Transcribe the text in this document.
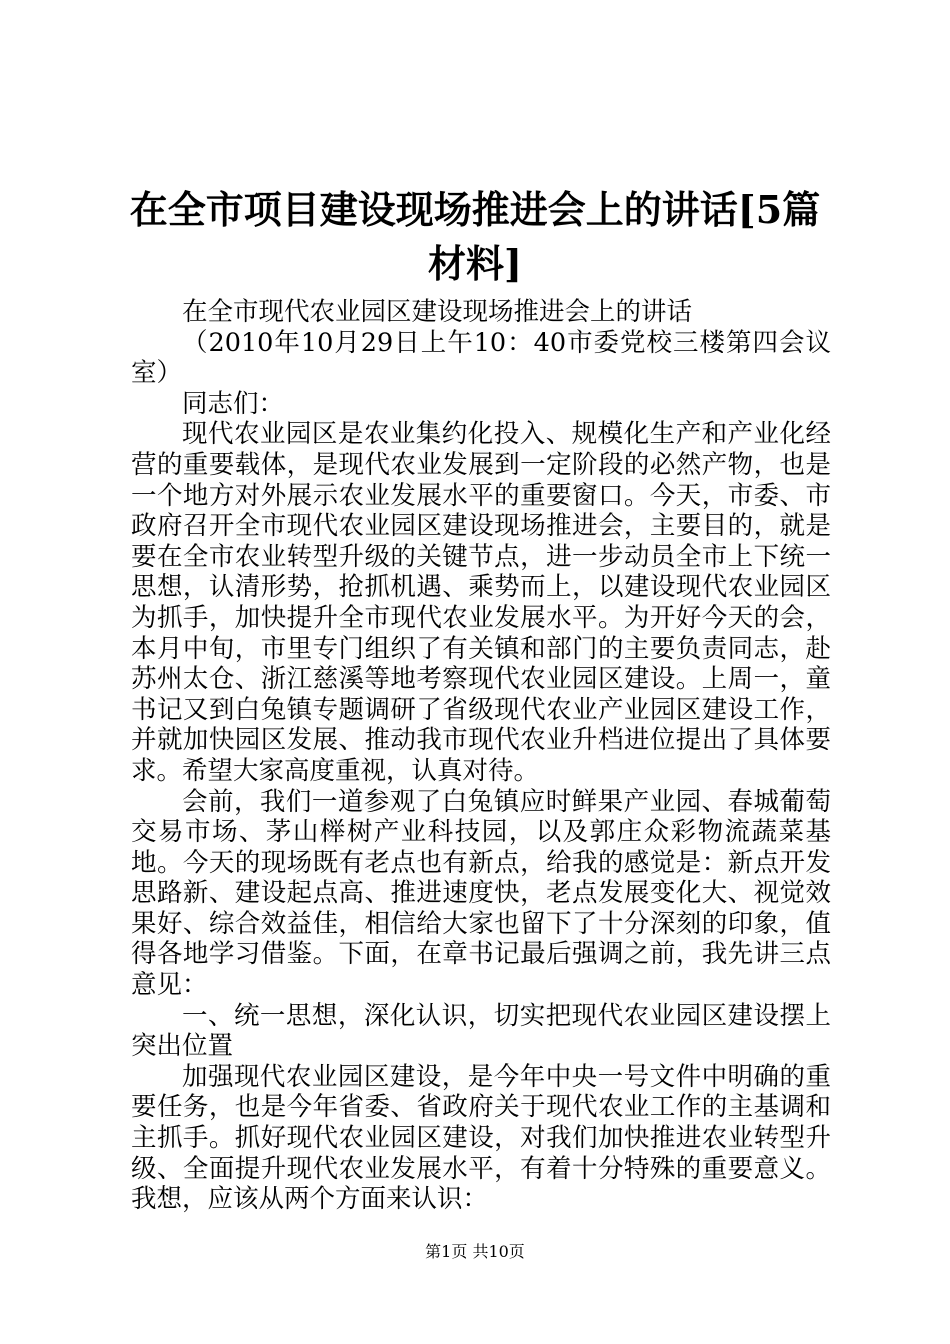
在全市项目建设现场推进会上的讲话[5篇材料]

在全市现代农业园区建设现场推进会上的讲话

（2010年10月29日上午10：40市委党校三楼第四会议室）

同志们：

现代农业园区是农业集约化投入、规模化生产和产业化经营的重要载体，是现代农业发展到一定阶段的必然产物，也是一个地方对外展示农业发展水平的重要窗口。今天，市委、市政府召开全市现代农业园区建设现场推进会，主要目的，就是要在全市农业转型升级的关键节点，进一步动员全市上下统一思想，认清形势，抢抓机遇、乘势而上，以建设现代农业园区为抓手，加快提升全市现代农业发展水平。为开好今天的会，本月中旬，市里专门组织了有关镇和部门的主要负责同志，赴苏州太仓、浙江慈溪等地考察现代农业园区建设。上周一，童书记又到白兔镇专题调研了省级现代农业产业园区建设工作，并就加快园区发展、推动我市现代农业升档进位提出了具体要求。希望大家高度重视，认真对待。

会前，我们一道参观了白兔镇应时鲜果产业园、春城葡萄交易市场、茅山榉树产业科技园，以及郭庄众彩物流蔬菜基地。今天的现场既有老点也有新点，给我的感觉是：新点开发思路新、建设起点高、推进速度快，老点发展变化大、视觉效果好、综合效益佳，相信给大家也留下了十分深刻的印象，值得各地学习借鉴。下面，在章书记最后强调之前，我先讲三点意见：

一、统一思想，深化认识，切实把现代农业园区建设摆上突出位置

加强现代农业园区建设，是今年中央一号文件中明确的重要任务，也是今年省委、省政府关于现代农业工作的主基调和主抓手。抓好现代农业园区建设，对我们加快推进农业转型升级、全面提升现代农业发展水平，有着十分特殊的重要意义。我想，应该从两个方面来认识：

第1页 共10页
